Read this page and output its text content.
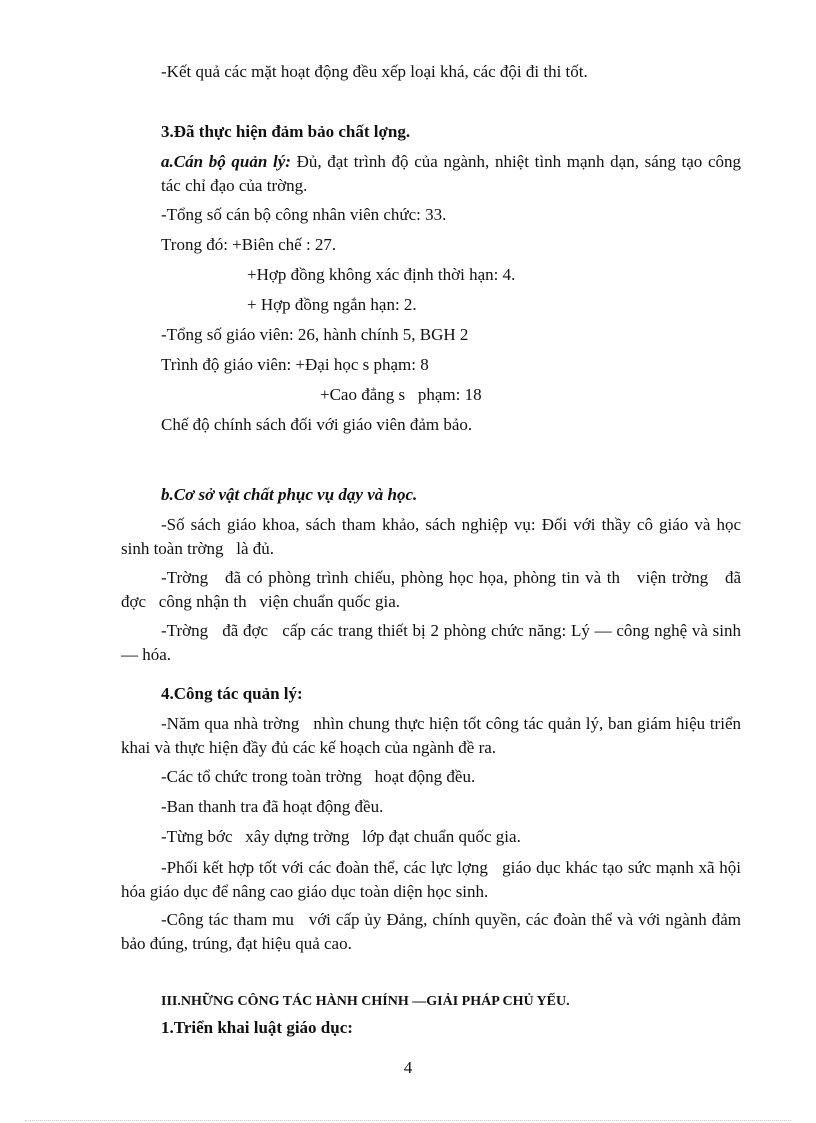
-Kết quả các mặt hoạt động đều xếp loại khá, các đội đi thi tốt.
3.Đã thực hiện đảm bảo chất lợng.
a.Cán bộ quản lý: Đủ, đạt trình độ của ngành, nhiệt tình mạnh dạn, sáng tạo công tác chỉ đạo của trờng.
-Tổng số cán bộ công nhân viên chức: 33.
Trong đó: +Biên chế : 27.
+Hợp đồng không xác định thời hạn: 4.
+ Hợp đồng ngắn hạn: 2.
-Tổng số giáo viên: 26, hành chính 5, BGH 2
Trình độ giáo viên: +Đại học s phạm: 8
+Cao đẳng s   phạm: 18
Chế độ chính sách đối với giáo viên đảm bảo.
b.Cơ sở vật chất phục vụ dạy và học.
-Số sách giáo khoa, sách tham khảo, sách nghiệp vụ: Đối với thầy cô giáo và học sinh toàn trờng   là đủ.
-Trờng   đã có phòng trình chiếu, phòng học họa, phòng tin và th   viện trờng   đã đợc   công nhận th   viện chuẩn quốc gia.
-Trờng   đã đợc   cấp các trang thiết bị 2 phòng chức năng: Lý — công nghệ và sinh — hóa.
4.Công tác quản lý:
-Năm qua nhà trờng   nhìn chung thực hiện tốt công tác quản lý, ban giám hiệu triển khai và thực hiện đầy đủ các kế hoạch của ngành đề ra.
-Các tổ chức trong toàn trờng   hoạt động đều.
-Ban thanh tra đã hoạt động đều.
-Từng bớc   xây dựng trờng   lớp đạt chuẩn quốc gia.
-Phối kết hợp tốt với các đoàn thể, các lực lợng   giáo dục khác tạo sức mạnh xã hội hóa giáo dục để nâng cao giáo dục toàn diện học sinh.
-Công tác tham mu   với cấp ủy Đảng, chính quyền, các đoàn thể và với ngành đảm bảo đúng, trúng, đạt hiệu quả cao.
III.NHỮNG CÔNG TÁC HÀNH CHÍNH —GIẢI PHÁP CHỦ YẾU.
1.Triển khai luật giáo dục:
4
